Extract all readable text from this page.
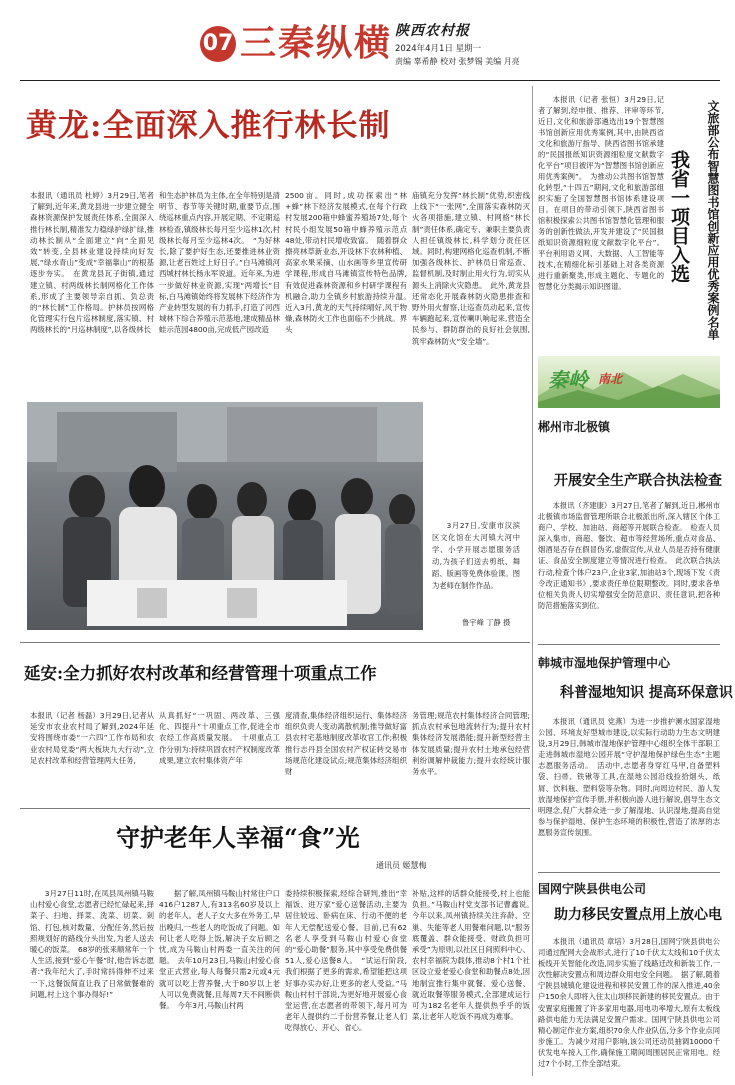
07 三秦纵横 陕西农村报
2024年4月1日 星期一
责编 辜希静 校对 张梦锡 美编 月亮
黄龙:全面深入推行林长制

本报讯（通讯员 杜婷）3月29日,笔者了解到,近年来,黄龙县进一步建立健全森林资源保护发展责任体系,全面深入推行林长制,精准发力稳绿护绿扩绿,推动林长制从“全面建立”向“全面见效”转变,全县林业建设持续向好发展,“绿水青山”变成“幸福靠山”的根基逐步夯实。　在黄龙县瓦子街镇,通过建立镇、村两级林长制网格化工作体系,形成了主要领导亲自抓、负总责的“林长制”工作格局。护林员按网格化管理实行包片巡林制度,落实镇、村两级林长的“月巡林制度”,以各级林长

和生态护林员为主体,在全年特别是清明节、春节等关键时期,重要节点,围绕巡林重点内容,开展定期、不定期巡林检查,镇级林长每月至少巡林1次,村级林长每月至少巡林4次。　“为好林长,除了要护好生态,还要推进林业资源,让老百姓过上好日子。”白马滩镇河西城村林长杨永军说道。近年来,为进一步做好林业资源,实现“两增长”目标,白马滩镇始终将发展林下经济作为产业转型发展的有力抓手,打造了河西城林下综合养殖示范基地,建成精品林蛙示范园4800亩,完成低产园改造

2500亩。同时,成功探索出“林+蜂”林下经济发展模式,在每个行政村发展200箱中蜂蜜养殖场7处,每个村民小组发展50箱中蜂养殖示范点48处,带动村民增收致富。　随着群众擦亮林草新业态,开设林下农林种植、高家水果采摘、山水画等乡里宣传研学课程,形成自马滩镇宣传特色品牌,有效促进森林资源和乡村研学课程有机融合,助力全镇乡村旅游持续升温。　近入3月,黄龙的天气持续晴好,风干物燥,森林防火工作也面临不少挑战。界头

庙镇充分发挥“林长制”优势,织密线上线下“一张网”,全面落实森林防灭火各项措施,建立镇、村网格“林长制”责任体系,确定专、兼职主要负责人担任镇级林长,科学划分责任区域。同时,构建网格化巡查机制,不断加强各级林长、护林员日常巡查、监督机制,及时制止用火行为,切实从源头上消除火灾隐患。　此外,黄龙县还常态化开展森林防火隐患排查和野外用火督察,让巡查员动起来,宣传车辆跑起来,宣传喇叭响起来,营造全民参与、群防群治的良好社会氛围,筑牢森林防火“安全墙”。

3月27日,安康市汉滨区文化馆在大河镇大河中学、小学开展志愿服务活动,为孩子们送去剪纸、舞蹈、版画等免费体验课。图为老师在制作作品。

鲁宇峰 丁静 摄
延安:全力抓好农村改革和经营管理十项重点工作

本报讯（记者 杨磊）3月29日,记者从延安市农业农村局了解到,2024年延安将围绕市委“一六四”工作布局和农业农村局党委“两大板块九大行动”,立足农村改革和经营管理两大任务,

从真抓好“一巩固、两改革、三强化、四提升”十项重点工作,促进全市农经工作高质量发展。　十项重点工作分别为:持续巩固农村产权制度改革成果,建立农村集体资产年

度清查,集体经济组织运行、集体经济组织负责人变动离散机制;推导做好富县农村宅基地制度改革收官工作;积极推行志丹县全国农村产权证转交易市场规范化建设试点;规范集体经济组织财

务管理;规范农村集体经济合同管理;抓点农村承包地流转行为;提升农村集体经济发展潜能;提升新型经营主体发展质量;提升农村土地承包经营利纷调解仲裁能力;提升农经统计服务水平。

守护老年人幸福“食”光
通讯员 姬慧梅

3月27日11时,在凤县凤州镇马鞍山村爱心食堂,志愿者已经忙碌起来,择菜子、扫地、择菜、洗菜、切菜、剁馅、打包,核对数量、分配任务,然后按照规划好的路线分头出发,为老人送去暖心的饭菜。　68岁的张来顺常年一个人生活,接到“爱心午餐”时,他告诉志愿者:“我年纪大了,手时常抖得伸不过来一下,这餐饭简直让我了日常做餐难的问题,村上这个事办得好!”

据了解,凤州镇马鞍山村常住户口416户1287人,有313名60岁及以上的老年人。老人子女大多在外务工,早出晚归,一些老人的吃饭成了问题。如何让老人吃得上饭,解决子女后顾之忧,成为马鞍山村两委一直关注的问题。　去年10月23日,马鞍山村爱心食堂正式营业,每人每餐只需2元或4元就可以吃上营养餐,大于80岁以上老人可以免费就餐,且每周7天不间断供餐。　今年3月,马鞍山村两

委持续积极探索,经综合研判,推出“幸福饭、进万家”爱心送餐活动,主要为居住较远、卧病在床、行动不便的老年人无偿配送爱心餐。目前,已有62名老人享受到马鞍山村爱心食堂的“爱心助餐”服务,其中享受免费供餐51人,爱心送餐8人。　“试运行阶段,我们根据了更多的需求,希望能把这项好事办实办好,让更多的老人受益。”马鞍山村村干部说,为更好地开展爱心食堂运营,在志愿者的带领下,每月可为老年人提供约二千份营养餐,让老人们吃得放心、开心、省心。

补贴,这样的话群众能接受,村上也能负担。”马鞍山村党支部书记曹鑫说。　今年以来,凤州镇持续关注弃龄、空巢、失能等老人用餐难问题,以“服务底覆盖、群众能接受、财政负担可承受”为原则,以社区日间照料中心、农村幸福院为载体,推动8个村1个社区设立爱老爱心食堂和助餐点8处,因地制宜推行集中就餐、爱心送餐、就近取餐等服务模式,全部建成运行可为182名老年人提供热乎乎的饭菜,让老年人吃饭不再成为难事。

本报讯（记者 张恒）3月29日,记者了解到,经申报、推荐、评审等环节,近日,文化和旅游部遴选出19个智慧图书馆创新应用优秀案例,其中,由陕西省文化和旅游厅指导、陕西省图书馆承建的“民国报纸知识资源细粒度文献数字化平台”项目被评为“智慧图书馆创新应用优秀案例”。　为推动公共图书馆智慧化转型,“十四五”期间,文化和旅游部组织实施了全国智慧图书馆体系建设项目。在项目的带动引领下,陕西省图书馆积极探索公共图书馆智慧化管理和服务的创新性做法,开发并建设了“民国报纸知识资源细粒度文献数字化平台”。平台利用语义网、大数据、人工智能等技术,在精细化标引基础上对各类资源进行重新聚类,形成主题化、专题化的智慧化分类揭示知识图谱。

我省一项目入选	文旅部公布智慧图书馆创新应用优秀案例名单
秦岭 南北
郴州市北极镇
开展安全生产联合执法检查

本报讯（齐建康）3月27日,笔者了解到,近日,郴州市北极镇市场监督管理所联合北极派出所,深入辖区个体工商户、学校、加油站、商超等开展联合检查。　检查人员深入集市、商超、餐饮、超市等经营场所,重点对食品、烟酒是否存在假冒伪劣,虚假宣传,从业人员是否持有健康证、食品安全制度建立等情况进行检查。　此次联合执法行动,检查个体户23户,企业3家,加油站3个,现场下发《责令改正通知书》,要求责任单位限期整改。同时,要求各单位相关负责人切实增强安全防范意识、责任意识,把各种防范措施落实到位。

韩城市湿地保护管理中心
科普湿地知识 提高环保意识

本报讯（通讯员 党燕）为进一步推护濒水国家湿地公园、环境友好型城市建设,以实际行动助力生态文明建设,3月29日,韩城市湿地保护管理中心组织全体干部职工走进韩城市湿地公园开展“守护湿地保护绿色生态”主题志愿服务活动。　活动中,志愿者身穿红马甲,自备塑料袋、扫帚、铁锹等工具,在湿地公园沿线捡拾烟头、纸屑、饮料瓶、塑料袋等杂物。同时,向周边村民、游人发放湿地保护宣传手册,并积极向游人进行解说,倡导生态文明理念,促广大群众进一步了解湿地、认识湿地,提高自觉参与保护湿地、保护生态环境的积极性,营造了浓厚的志愿服务宣传氛围。

国网宁陕县供电公司
助力移民安置点用上放心电

本报讯（通讯员 章培）3月28日,国网宁陕县供电公司通过配网大会战形式,进行了10千伏太太线和10千伏太板线开关智能化改造,同步实施了线路迁改和新装工作,一次性解决安置点和周边群众用电安全问题。　据了解,随着宁陕县城镇化建设进程和移民安置工作的深入推进,40余户150余人即将入住太山坝移民新建的移民安置点。由于安置家庭搬置了许多家用电器,用电功率增大,原有太板线路供电能力无法满足安置户需求。国网宁陕县供电公司精心制定作业方案,组织70余人作业队伍,分多个作业点同步施工。为减少对用户影响,该公司还动员抽调10000千伏发电车接入工作,确保施工期间周围居民正常用电。经过7个小时,工作全部结束。
